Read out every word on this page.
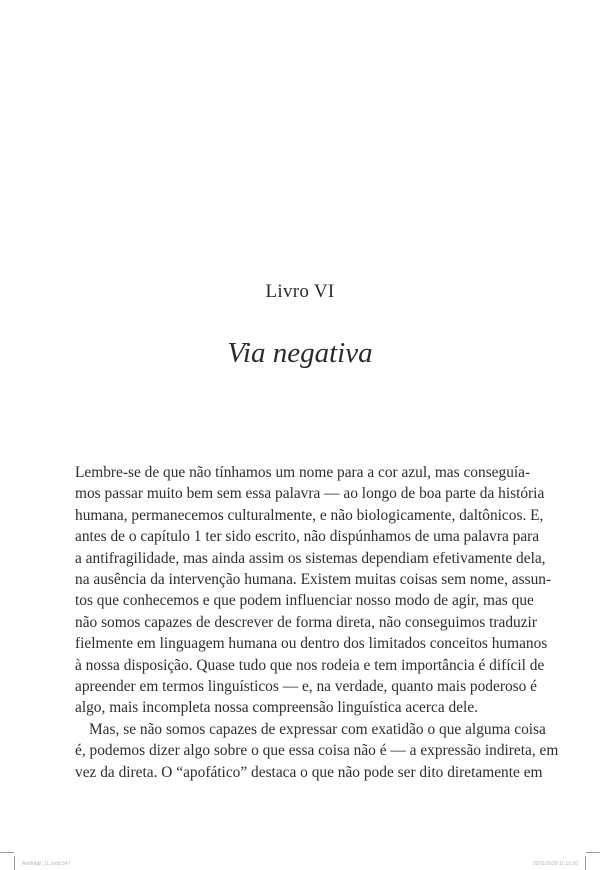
Livro VI
Via negativa
Lembre-se de que não tínhamos um nome para a cor azul, mas conseguía-
mos passar muito bem sem essa palavra — ao longo de boa parte da história
humana, permanecemos culturalmente, e não biologicamente, daltônicos. E,
antes de o capítulo 1 ter sido escrito, não dispúnhamos de uma palavra para
a antifragilidade, mas ainda assim os sistemas dependiam efetivamente dela,
na ausência da intervenção humana. Existem muitas coisas sem nome, assun-
tos que conhecemos e que podem influenciar nosso modo de agir, mas que
não somos capazes de descrever de forma direta, não conseguimos traduzir
fielmente em linguagem humana ou dentro dos limitados conceitos humanos
à nossa disposição. Quase tudo que nos rodeia e tem importância é difícil de
apreender em termos linguísticos — e, na verdade, quanto mais poderoso é
algo, mais incompleta nossa compreensão linguística acerca dele.
Mas, se não somos capazes de expressar com exatidão o que alguma coisa
é, podemos dizer algo sobre o que essa coisa não é — a expressão indireta, em
vez da direta. O “apofático” destaca o que não pode ser dito diretamente em
Antifrágil_1L.indd 347	20/11/2020 11:12:50
